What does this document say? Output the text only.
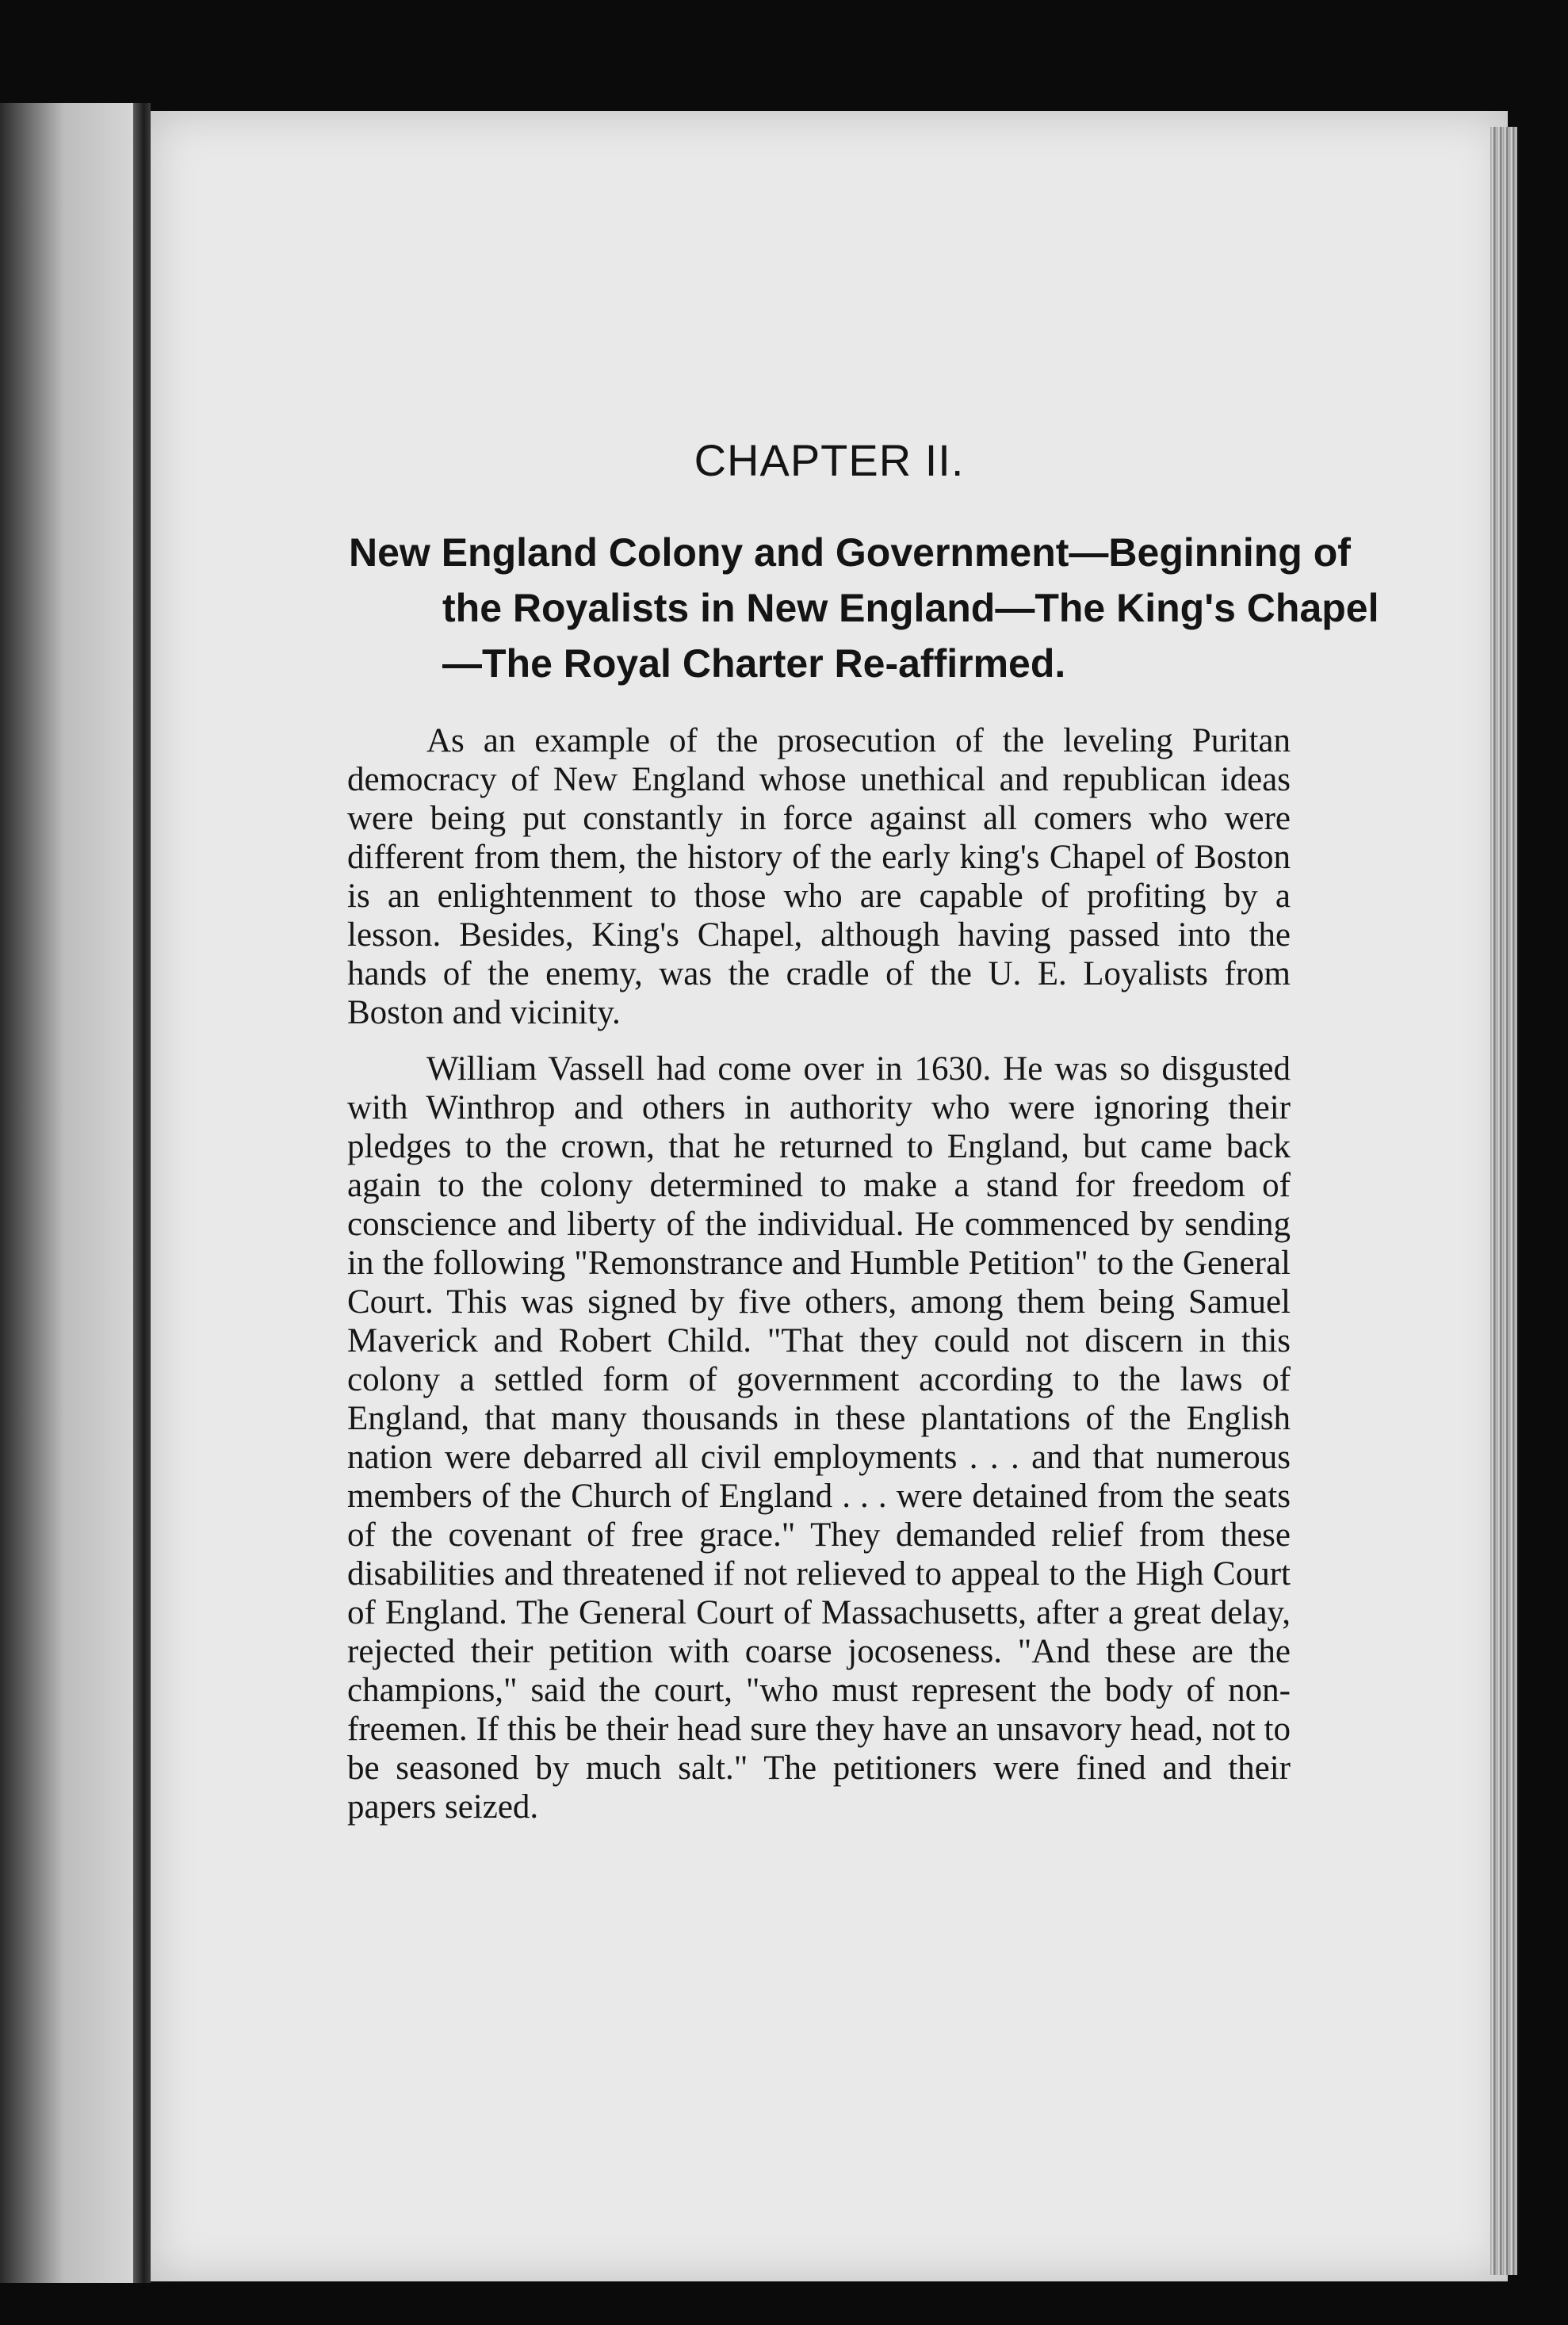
CHAPTER II.
New England Colony and Government—Beginning of
the Royalists in New England—The King's Chapel
—The Royal Charter Re-affirmed.

As an example of the prosecution of the leveling Puritan democracy of New England whose unethical and republican ideas were being put constantly in force against all comers who were different from them, the history of the early king's Chapel of Boston is an enlightenment to those who are capable of profiting by a lesson. Besides, King's Chapel, although having passed into the hands of the enemy, was the cradle of the U. E. Loyalists from Boston and vicinity.

William Vassell had come over in 1630. He was so disgusted with Winthrop and others in authority who were ignoring their pledges to the crown, that he returned to England, but came back again to the colony determined to make a stand for freedom of conscience and liberty of the individual. He commenced by sending in the following "Remonstrance and Humble Petition" to the General Court. This was signed by five others, among them being Samuel Maverick and Robert Child. "That they could not discern in this colony a settled form of government according to the laws of England, that many thousands in these plantations of the English nation were debarred all civil employments . . . and that numerous members of the Church of England . . . were detained from the seats of the covenant of free grace." They demanded relief from these disabilities and threatened if not relieved to appeal to the High Court of England. The General Court of Massachusetts, after a great delay, rejected their petition with coarse jocoseness. "And these are the champions," said the court, "who must represent the body of non-freemen. If this be their head sure they have an unsavory head, not to be seasoned by much salt." The petitioners were fined and their papers seized.
